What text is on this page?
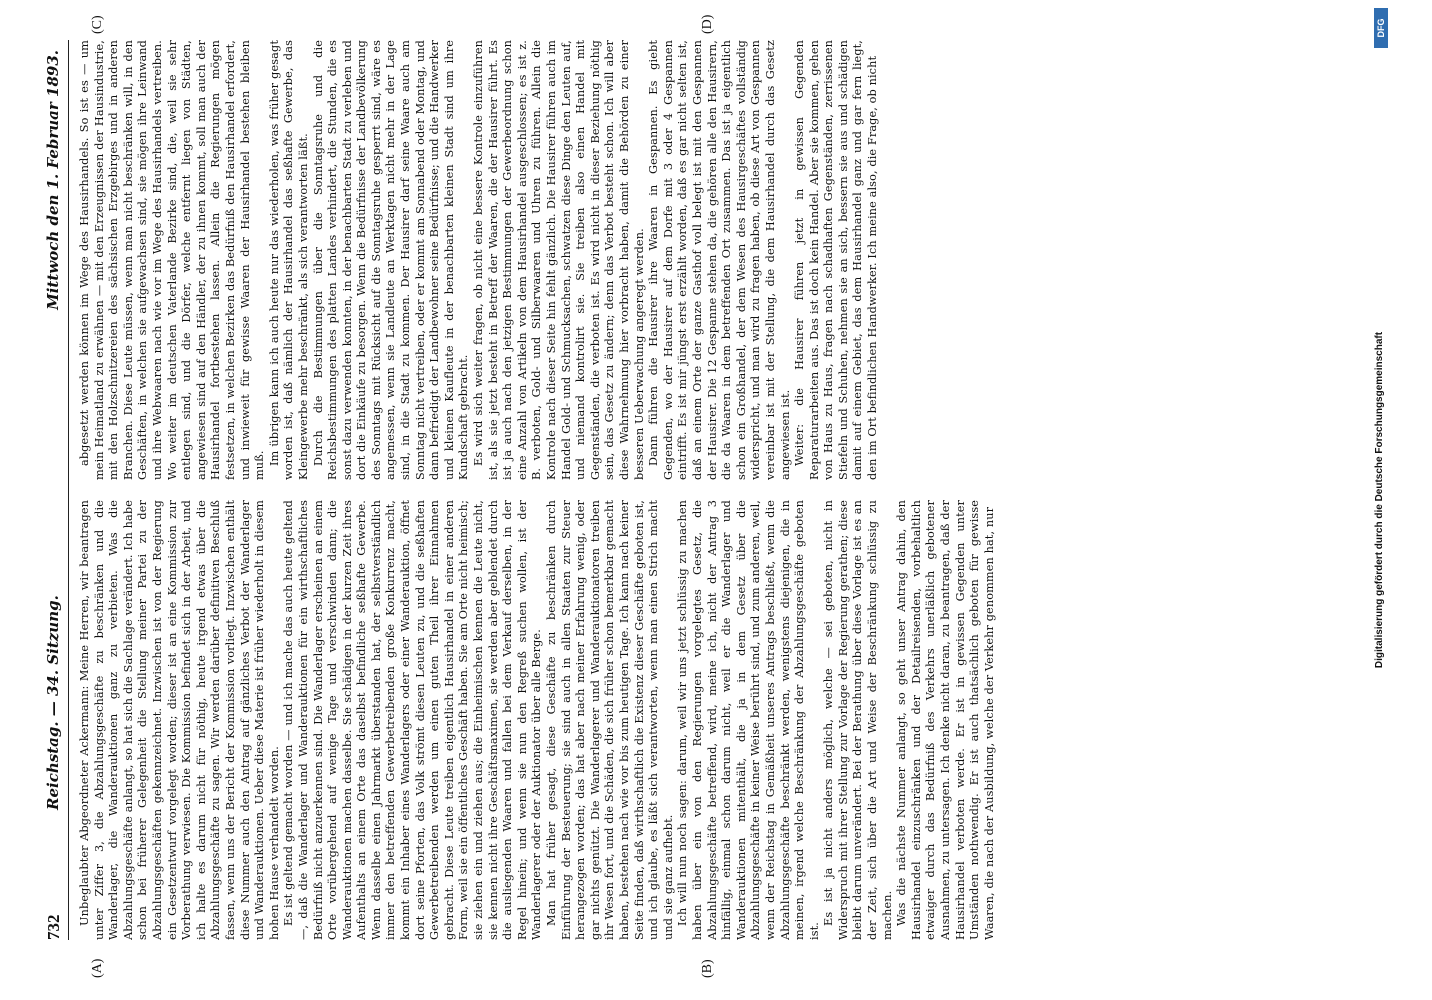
732
Reichstag. — 34. Sitzung.
Mittwoch den 1. Februar 1893.
(A)	(B)
(C)	(D)

Unbeglaubter Abgeordneter Ackermann: Meine Herren, wir beantragen unter Ziffer 3, die Abzahlungsgeschäfte zu beschränken und die Wanderlager, die Wanderauktionen ganz zu verbieten. Was die Abzahlungsgeschäfte anlangt, so hat sich die Sachlage verändert. Ich habe schon bei früherer Gelegenheit die Stellung meiner Partei zu der Abzahlungsgeschäften gekennzeichnet. Inzwischen ist von der Regierung ein Gesetzentwurf vorgelegt worden; dieser ist an eine Kommission zur Vorberathung verwiesen. Die Kommission befindet sich in der Arbeit, und ich halte es darum nicht für nöthig, heute irgend etwas über die Abzahlungsgeschäfte zu sagen. Wir werden darüber definitiven Beschluß fassen, wenn uns der Bericht der Kommission vorliegt. Inzwischen enthält diese Nummer auch den Antrag auf gänzliches Verbot der Wanderlager und Wanderauktionen. Ueber diese Materie ist früher wiederholt in diesem hohen Hause verhandelt worden. Es ist geltend gemacht worden — und ich mache das auch heute geltend —, daß die Wanderlager und Wanderauktionen für ein wirthschaftliches Bedürfniß nicht anzuerkennen sind. Die Wanderlager erscheinen an einem Orte vorübergehend auf wenige Tage und verschwinden dann; die Wanderauktionen machen dasselbe. Sie schädigen in der kurzen Zeit ihres Aufenthalts an einem Orte das daselbst befindliche seßhafte Gewerbe. Wenn dasselbe einen Jahrmarkt überstanden hat, der selbstverständlich immer den betreffenden Gewerbetreibenden große Konkurrenz macht, kommt ein Inhaber eines Wanderlagers oder einer Wanderauktion, öffnet dort seine Pforten, das Volk strömt diesen Leuten zu, und die seßhaften Gewerbetreibenden werden um einen guten Theil ihrer Einnahmen gebracht. Diese Leute treiben eigentlich Hausirhandel in einer anderen Form, weil sie ein öffentliches Geschäft haben. Sie am Orte nicht heimisch; sie ziehen ein und ziehen aus; die Einheimischen kennen die Leute nicht, sie kennen nicht ihre Geschäftsmaximen, sie werden aber geblendet durch die ausliegenden Waaren und fallen bei dem Verkauf derselben, in der Regel hinein; und wenn sie nun den Regreß suchen wollen, ist der Wanderlagerer oder der Auktionator über alle Berge. Man hat früher gesagt, diese Geschäfte zu beschränken durch Einführung der Besteuerung; sie sind auch in allen Staaten zur Steuer herangezogen worden; das hat aber nach meiner Erfahrung wenig, oder gar nichts genützt. Die Wanderlagerer und Wanderauktionatoren treiben ihr Wesen fort, und die Schäden, die sich früher schon bemerkbar gemacht haben, bestehen nach wie vor bis zum heutigen Tage. Ich kann nach keiner Seite finden, daß wirthschaftlich die Existenz dieser Geschäfte geboten ist, und ich glaube, es läßt sich verantworten, wenn man einen Strich macht und sie ganz aufhebt. Ich will nun noch sagen: darum, weil wir uns jetzt schlüssig zu machen haben über ein von den Regierungen vorgelegtes Gesetz, die Abzahlungsgeschäfte betreffend, wird, meine ich, nicht der Antrag 3 hinfällig, einmal schon darum nicht, weil er die Wanderlager und Wanderauktionen mitenthält, die ja in dem Gesetz über die Abzahlungsgeschäfte in keiner Weise berührt sind, und zum anderen, weil, wenn der Reichstag in Gemäßheit unseres Antrags beschließt, wenn die Abzahlungsgeschäfte beschränkt werden, wenigstens diejenigen, die in meinen, irgend welche Beschränkung der Abzahlungsgeschäfte geboten ist.

Es ist ja nicht anders möglich, welche — sei geboten, nicht in Widerspruch mit ihrer Stellung zur Vorlage der Regierung gerathen; diese bleibt darum unverändert. Bei der Berathung über diese Vorlage ist es an der Zeit, sich über die Art und Weise der Beschränkung schlüssig zu machen. Was die nächste Nummer anlangt, so geht unser Antrag dahin, den Hausirhandel einzuschränken und der Detailreisenden, vorbehaltlich etwaiger durch das Bedürfniß des Verkehrs unerläßlich gebotener Ausnahmen, zu untersagen. Ich denke nicht daran, zu beantragen, daß der Hausirhandel verboten werde. Er ist in gewissen Gegenden unter Umständen nothwendig. Er ist auch thatsächlich geboten für gewisse Waaren, die nach der Ausbildung, welche der Verkehr genommen hat, nur

abgesetzt werden können im Wege des Hausirhandels. So ist es — um mein Heimatland zu erwähnen — mit den Erzeugnissen der Hausindustrie, mit den Holzschnitzereien des sächsischen Erzgebirges und in anderen Branchen. Diese Leute müssen, wenn man nicht beschränken will, in den Geschäften, in welchen sie aufgewachsen sind, sie mögen ihre Leinwand und ihre Webwaaren nach wie vor im Wege des Hausirhandels vertreiben. Wo weiter im deutschen Vaterlande Bezirke sind, die, weil sie sehr entlegen sind, und die Dörfer, welche entfernt liegen von Städten, angewiesen sind auf den Händler, der zu ihnen kommt, soll man auch der Hausirhandel fortbestehen lassen. Allein die Regierungen mögen festsetzen, in welchen Bezirken das Bedürfniß den Hausirhandel erfordert, und inwieweit für gewisse Waaren der Hausirhandel bestehen bleiben muß. Im übrigen kann ich auch heute nur das wiederholen, was früher gesagt worden ist, daß nämlich der Hausirhandel das seßhafte Gewerbe, das Kleingewerbe mehr beschränkt, als sich verantworten läßt. Durch die Bestimmungen über die Sonntagsruhe und die Reichsbestimmungen des platten Landes verhindert, die Stunden, die es sonst dazu verwenden konnten, in der benachbarten Stadt zu verleben und dort die Einkäufe zu besorgen. Wenn die Bedürfnisse der Landbevölkerung des Sonntags mit Rücksicht auf die Sonntagsruhe gesperrt sind, wäre es angemessen, wenn sie Landleute an Werktagen nicht mehr in der Lage sind, in die Stadt zu kommen. Der Hausirer darf seine Waare auch am Sonntag nicht vertreiben, oder er kommt am Sonnabend oder Montag, und dann befriedigt der Landbewohner seine Bedürfnisse; und die Handwerker und kleinen Kaufleute in der benachbarten kleinen Stadt sind um ihre Kundschaft gebracht. Es wird sich weiter fragen, ob nicht eine bessere Kontrole einzuführen ist, als sie jetzt besteht in Betreff der Waaren, die der Hausirer führt. Es ist ja auch nach den jetzigen Bestimmungen der Gewerbeordnung schon eine Anzahl von Artikeln von dem Hausirhandel ausgeschlossen; es ist z. B. verboten, Gold- und Silberwaaren und Uhren zu führen. Allein die Kontrole nach dieser Seite hin fehlt gänzlich. Die Hausirer führen auch im Handel Gold- und Schmucksachen, schwatzen diese Dinge den Leuten auf, und niemand kontrolirt sie. Sie treiben also einen Handel mit Gegenständen, die verboten ist. Es wird nicht in dieser Beziehung nöthig sein, das Gesetz zu ändern; denn das Verbot besteht schon. Ich will aber diese Wahrnehmung hier vorbracht haben, damit die Behörden zu einer besseren Ueberwachung angeregt werden. Dann führen die Hausirer ihre Waaren in Gespannen. Es giebt Gegenden, wo der Hausirer auf dem Dorfe mit 3 oder 4 Gespannen eintrifft. Es ist mir jüngst erst erzählt worden, daß es gar nicht selten ist, daß an einem Orte der ganze Gasthof voll belegt ist mit den Gespannen der Hausirer. Die 12 Gespanne stehen da, die gehören alle den Hausirern, die da Waaren in dem betreffenden Ort zusammen. Das ist ja eigentlich schon ein Großhandel, der dem Wesen des Hausirgeschäftes vollständig widerspricht, und man wird zu fragen haben, ob diese Art von Gespannen vereinbar ist mit der Stellung, die dem Hausirhandel durch das Gesetz angewiesen ist. Weiter: die Hausirer führen jetzt in gewissen Gegenden Reparaturarbeiten aus. Das ist doch kein Handel. Aber sie kommen, gehen von Haus zu Haus, fragen nach schadhaften Gegenständen, zerrissenen Stiefeln und Schuhen, nehmen sie an sich, bessern sie aus und schädigen damit auf einem Gebiet, das dem Hausirhandel ganz und gar fern liegt, den im Ort befindlichen Handwerker. Ich meine also, die Frage, ob nicht

Digitalisierung gefördert durch die Deutsche Forschungsgemeinschaft
DFG
